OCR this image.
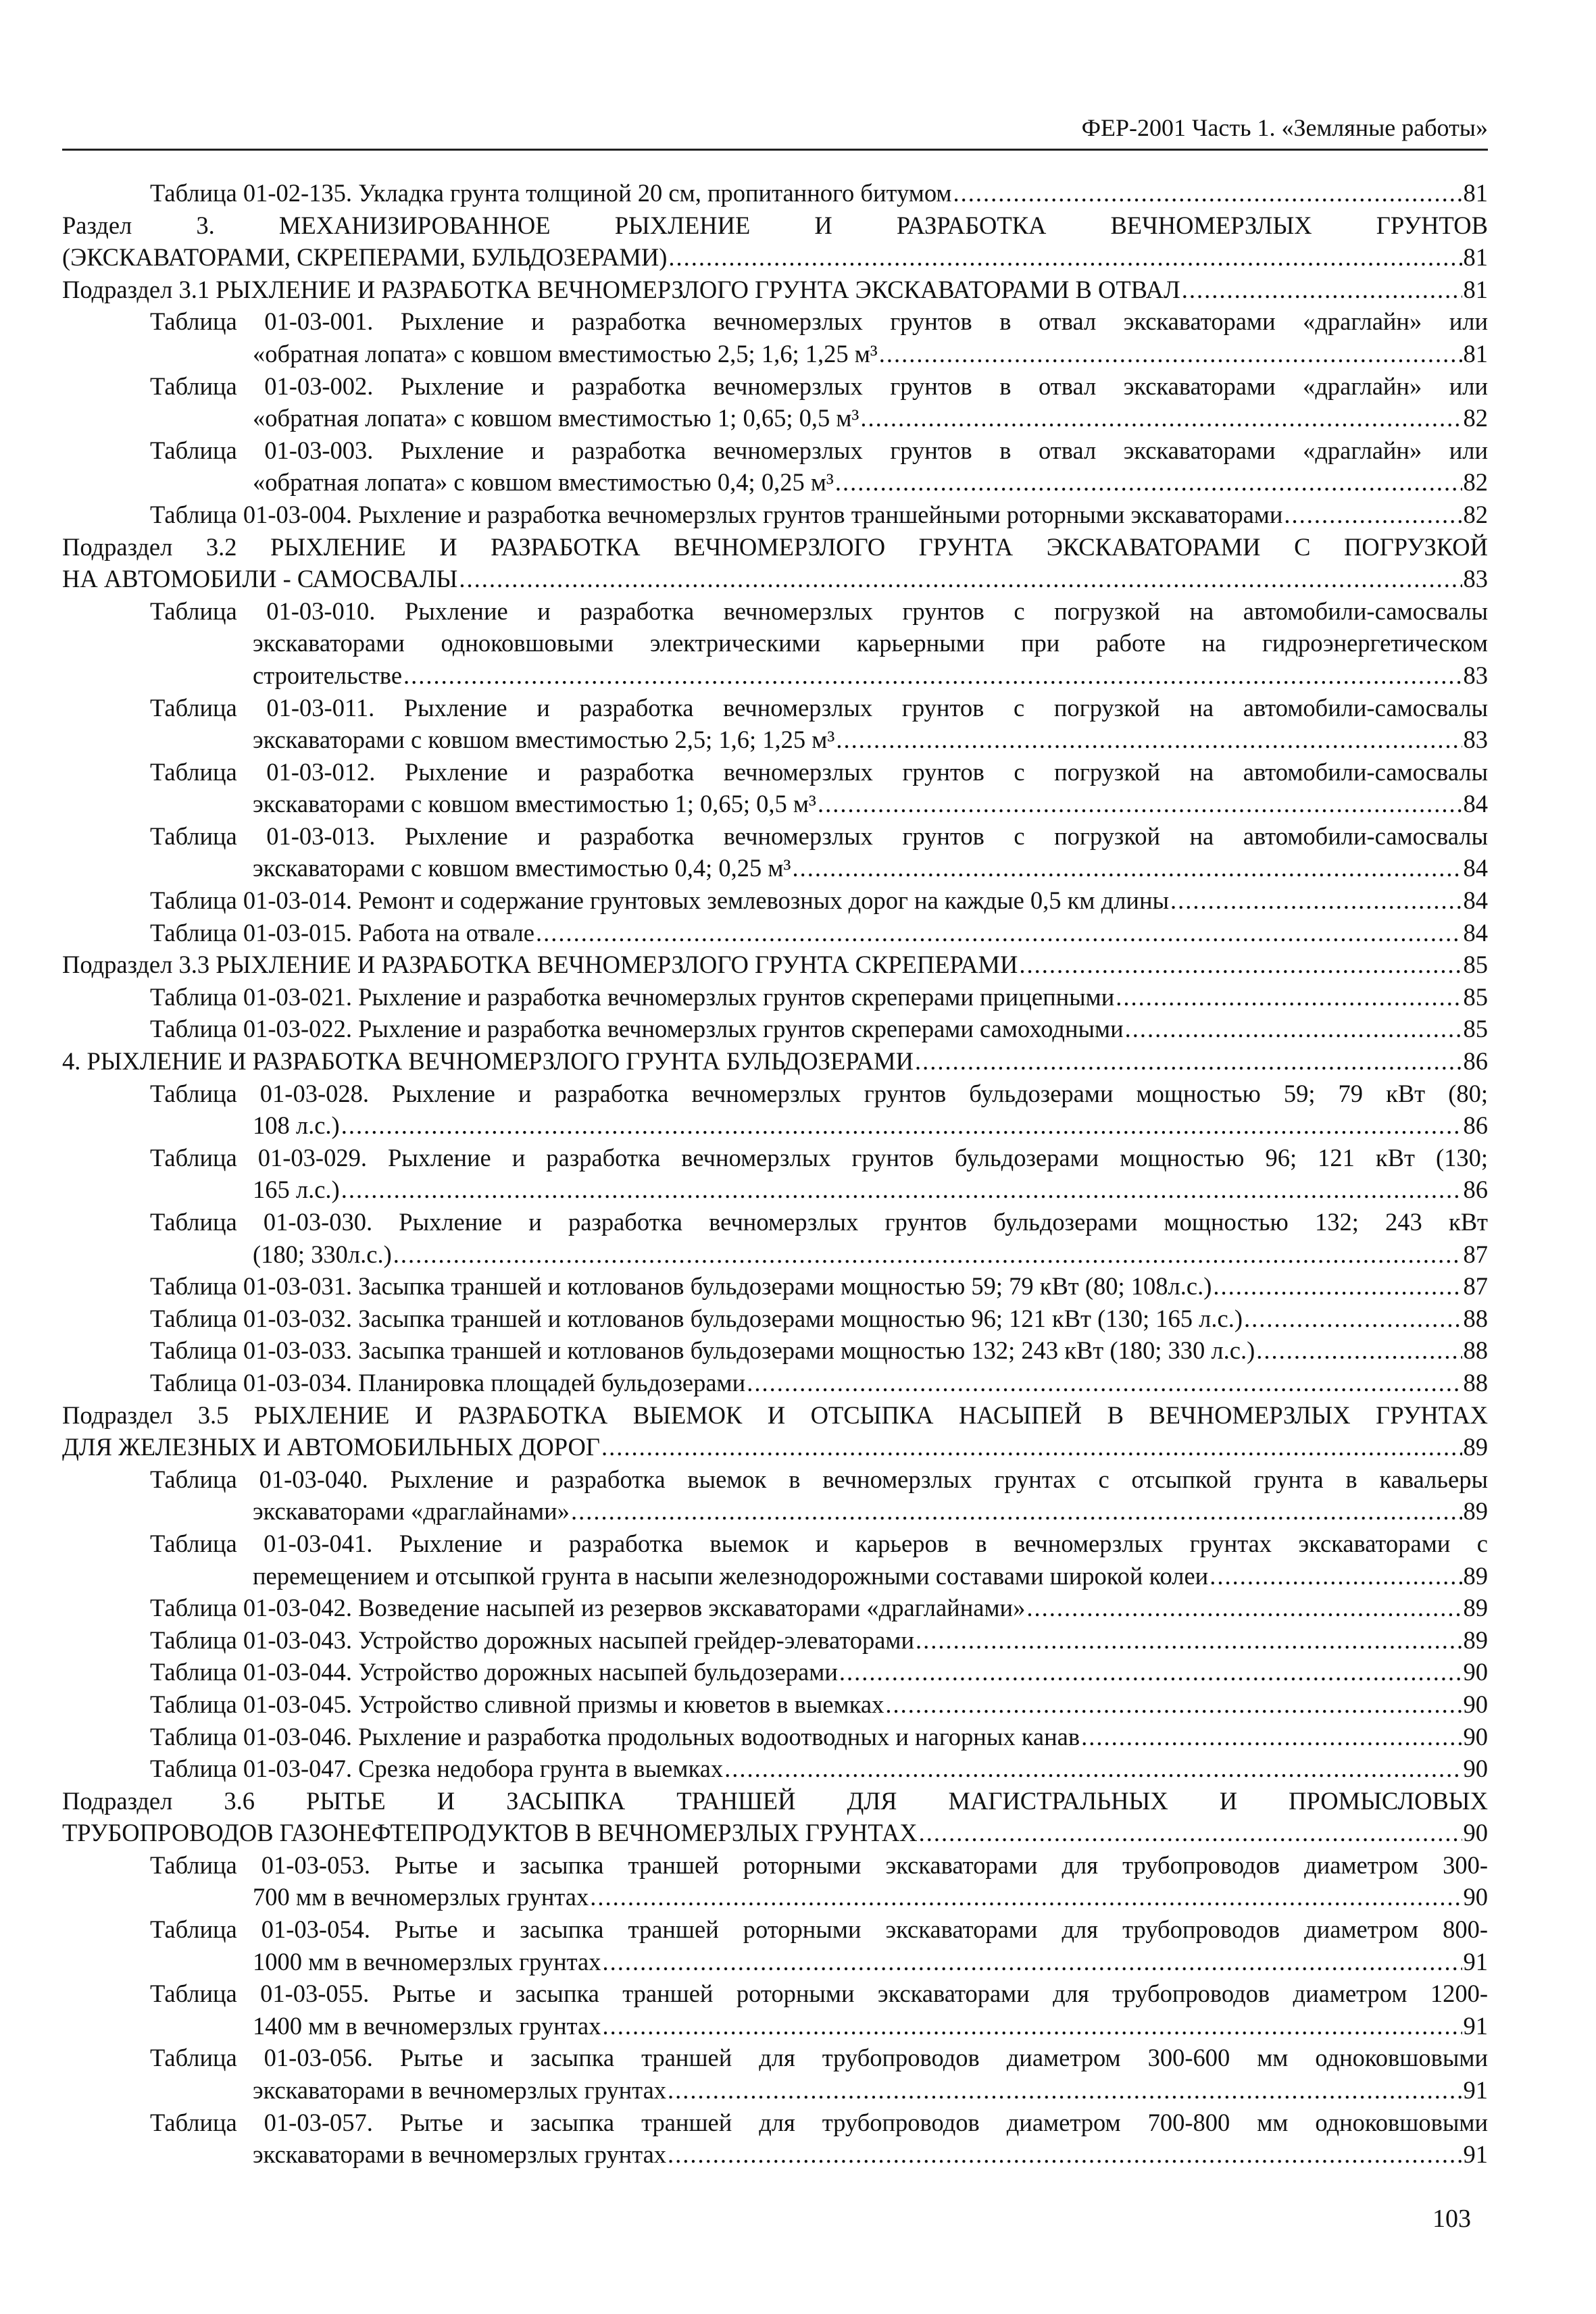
ФЕР-2001 Часть 1. «Земляные работы»
Таблица 01-02-135. Укладка грунта толщиной 20 см, пропитанного битумом .....	81
Раздел 3. МЕХАНИЗИРОВАННОЕ РЫХЛЕНИЕ И РАЗРАБОТКА ВЕЧНОМЕРЗЛЫХ ГРУНТОВ
(ЭКСКАВАТОРАМИ, СКРЕПЕРАМИ, БУЛЬДОЗЕРАМИ) .....	81
Подраздел 3.1 РЫХЛЕНИЕ И РАЗРАБОТКА ВЕЧНОМЕРЗЛОГО ГРУНТА ЭКСКАВАТОРАМИ В ОТВАЛ .....	81
Таблица 01-03-001. Рыхление и разработка вечномерзлых грунтов в отвал экскаваторами «драглайн» или
«обратная лопата» с ковшом вместимостью 2,5; 1,6; 1,25 м³ .....	81
Таблица 01-03-002. Рыхление и разработка вечномерзлых грунтов в отвал экскаваторами «драглайн» или
«обратная лопата» с ковшом вместимостью 1; 0,65; 0,5 м³ .....	82
Таблица 01-03-003. Рыхление и разработка вечномерзлых грунтов в отвал экскаваторами «драглайн» или
«обратная лопата» с ковшом вместимостью 0,4; 0,25 м³ .....	82
Таблица 01-03-004. Рыхление и разработка вечномерзлых грунтов траншейными роторными экскаваторами .....	82
Подраздел 3.2 РЫХЛЕНИЕ И РАЗРАБОТКА ВЕЧНОМЕРЗЛОГО ГРУНТА ЭКСКАВАТОРАМИ С ПОГРУЗКОЙ
НА АВТОМОБИЛИ - САМОСВАЛЫ .....	83
Таблица 01-03-010. Рыхление и разработка вечномерзлых грунтов с погрузкой на автомобили-самосвалы
экскаваторами одноковшовыми электрическими карьерными при работе на гидроэнергетическом
строительстве .....	83
Таблица 01-03-011. Рыхление и разработка вечномерзлых грунтов с погрузкой на автомобили-самосвалы
экскаваторами с ковшом вместимостью 2,5; 1,6; 1,25 м³ .....	83
Таблица 01-03-012. Рыхление и разработка вечномерзлых грунтов с погрузкой на автомобили-самосвалы
экскаваторами с ковшом вместимостью 1; 0,65; 0,5 м³ .....	84
Таблица 01-03-013. Рыхление и разработка вечномерзлых грунтов с погрузкой на автомобили-самосвалы
экскаваторами с ковшом вместимостью 0,4; 0,25 м³ .....	84
Таблица 01-03-014. Ремонт и содержание грунтовых землевозных дорог на каждые 0,5 км длины .....	84
Таблица 01-03-015. Работа на отвале .....	84
Подраздел 3.3 РЫХЛЕНИЕ И РАЗРАБОТКА ВЕЧНОМЕРЗЛОГО ГРУНТА СКРЕПЕРАМИ .....	85
Таблица 01-03-021. Рыхление и разработка вечномерзлых грунтов скреперами прицепными .....	85
Таблица 01-03-022. Рыхление и разработка вечномерзлых грунтов скреперами самоходными .....	85
4. РЫХЛЕНИЕ И РАЗРАБОТКА ВЕЧНОМЕРЗЛОГО ГРУНТА БУЛЬДОЗЕРАМИ .....	86
Таблица 01-03-028. Рыхление и разработка вечномерзлых грунтов бульдозерами мощностью 59; 79 кВт (80;
108 л.с.) .....	86
Таблица 01-03-029. Рыхление и разработка вечномерзлых грунтов бульдозерами мощностью 96; 121 кВт (130;
165 л.с.) .....	86
Таблица 01-03-030. Рыхление и разработка вечномерзлых грунтов бульдозерами мощностью 132; 243 кВт
(180; 330л.с.) .....	87
Таблица 01-03-031. Засыпка траншей и котлованов бульдозерами мощностью 59; 79 кВт (80; 108л.с.) .....	87
Таблица 01-03-032. Засыпка траншей и котлованов бульдозерами мощностью 96; 121 кВт (130; 165 л.с.) .....	88
Таблица 01-03-033. Засыпка траншей и котлованов бульдозерами мощностью 132; 243 кВт (180; 330 л.с.) .....	88
Таблица 01-03-034. Планировка площадей бульдозерами .....	88
Подраздел 3.5 РЫХЛЕНИЕ И РАЗРАБОТКА ВЫЕМОК И ОТСЫПКА НАСЫПЕЙ В ВЕЧНОМЕРЗЛЫХ ГРУНТАХ
ДЛЯ ЖЕЛЕЗНЫХ И АВТОМОБИЛЬНЫХ ДОРОГ .....	89
Таблица 01-03-040. Рыхление и разработка выемок в вечномерзлых грунтах с отсыпкой грунта в кавальеры
экскаваторами «драглайнами» .....	89
Таблица 01-03-041. Рыхление и разработка выемок и карьеров в вечномерзлых грунтах экскаваторами с
перемещением и отсыпкой грунта в насыпи железнодорожными составами широкой колеи .....	89
Таблица 01-03-042. Возведение насыпей из резервов экскаваторами «драглайнами» .....	89
Таблица 01-03-043. Устройство дорожных насыпей грейдер-элеваторами .....	89
Таблица 01-03-044. Устройство дорожных насыпей бульдозерами .....	90
Таблица 01-03-045. Устройство сливной призмы и кюветов в выемках .....	90
Таблица 01-03-046. Рыхление и разработка продольных водоотводных и нагорных канав .....	90
Таблица 01-03-047. Срезка недобора грунта в выемках .....	90
Подраздел 3.6 РЫТЬЕ И ЗАСЫПКА ТРАНШЕЙ ДЛЯ МАГИСТРАЛЬНЫХ И ПРОМЫСЛОВЫХ
ТРУБОПРОВОДОВ ГАЗОНЕФТЕПРОДУКТОВ В ВЕЧНОМЕРЗЛЫХ ГРУНТАХ .....	90
Таблица 01-03-053. Рытье и засыпка траншей роторными экскаваторами для трубопроводов диаметром 300-
700 мм в вечномерзлых грунтах .....	90
Таблица 01-03-054. Рытье и засыпка траншей роторными экскаваторами для трубопроводов диаметром 800-
1000 мм в вечномерзлых грунтах .....	91
Таблица 01-03-055. Рытье и засыпка траншей роторными экскаваторами для трубопроводов диаметром 1200-
1400 мм в вечномерзлых грунтах .....	91
Таблица 01-03-056. Рытье и засыпка траншей для трубопроводов диаметром 300-600 мм одноковшовыми
экскаваторами в вечномерзлых грунтах .....	91
Таблица 01-03-057. Рытье и засыпка траншей для трубопроводов диаметром 700-800 мм одноковшовыми
экскаваторами в вечномерзлых грунтах .....	91
103
